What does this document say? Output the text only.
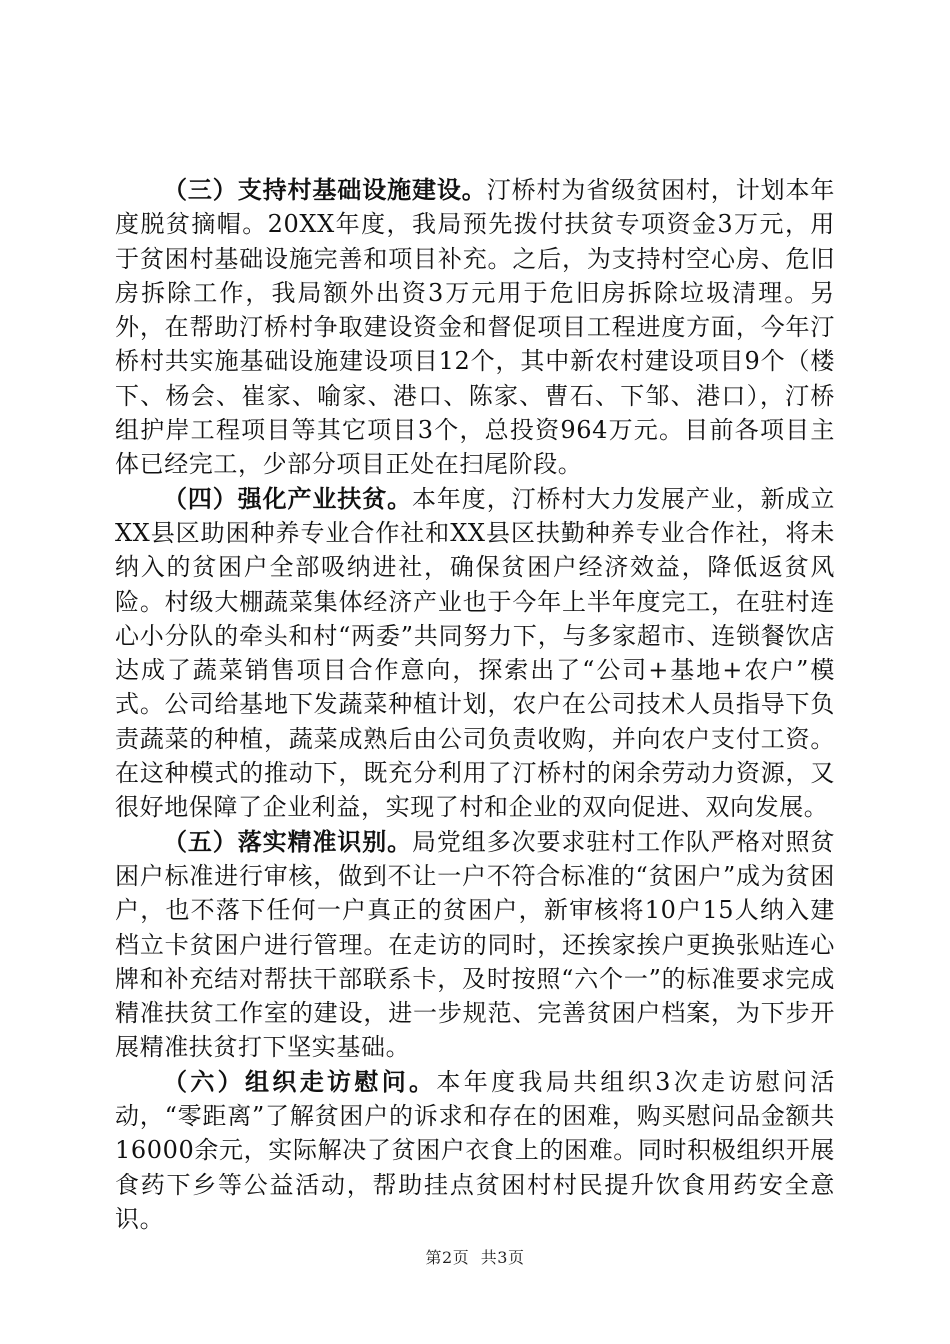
（三）支持村基础设施建设。汀桥村为省级贫困村，计划本年度脱贫摘帽。20XX年度，我局预先拨付扶贫专项资金3万元，用于贫困村基础设施完善和项目补充。之后，为支持村空心房、危旧房拆除工作，我局额外出资3万元用于危旧房拆除垃圾清理。另外，在帮助汀桥村争取建设资金和督促项目工程进度方面，今年汀桥村共实施基础设施建设项目12个，其中新农村建设项目9个（楼下、杨会、崔家、喻家、港口、陈家、曹石、下邹、港口），汀桥组护岸工程项目等其它项目3个，总投资964万元。目前各项目主体已经完工，少部分项目正处在扫尾阶段。

（四）强化产业扶贫。本年度，汀桥村大力发展产业，新成立XX县区助困种养专业合作社和XX县区扶勤种养专业合作社，将未纳入的贫困户全部吸纳进社，确保贫困户经济效益，降低返贫风险。村级大棚蔬菜集体经济产业也于今年上半年度完工，在驻村连心小分队的牵头和村“两委”共同努力下，与多家超市、连锁餐饮店达成了蔬菜销售项目合作意向，探索出了“公司+基地+农户”模式。公司给基地下发蔬菜种植计划，农户在公司技术人员指导下负责蔬菜的种植，蔬菜成熟后由公司负责收购，并向农户支付工资。在这种模式的推动下，既充分利用了汀桥村的闲余劳动力资源，又很好地保障了企业利益，实现了村和企业的双向促进、双向发展。

（五）落实精准识别。局党组多次要求驻村工作队严格对照贫困户标准进行审核，做到不让一户不符合标准的“贫困户”成为贫困户，也不落下任何一户真正的贫困户，新审核将10户15人纳入建档立卡贫困户进行管理。在走访的同时，还挨家挨户更换张贴连心牌和补充结对帮扶干部联系卡，及时按照“六个一”的标准要求完成精准扶贫工作室的建设，进一步规范、完善贫困户档案，为下步开展精准扶贫打下坚实基础。

（六）组织走访慰问。本年度我局共组织3次走访慰问活动，“零距离”了解贫困户的诉求和存在的困难，购买慰问品金额共16000余元，实际解决了贫困户衣食上的困难。同时积极组织开展食药下乡等公益活动，帮助挂点贫困村村民提升饮食用药安全意识。

第2页 共3页
